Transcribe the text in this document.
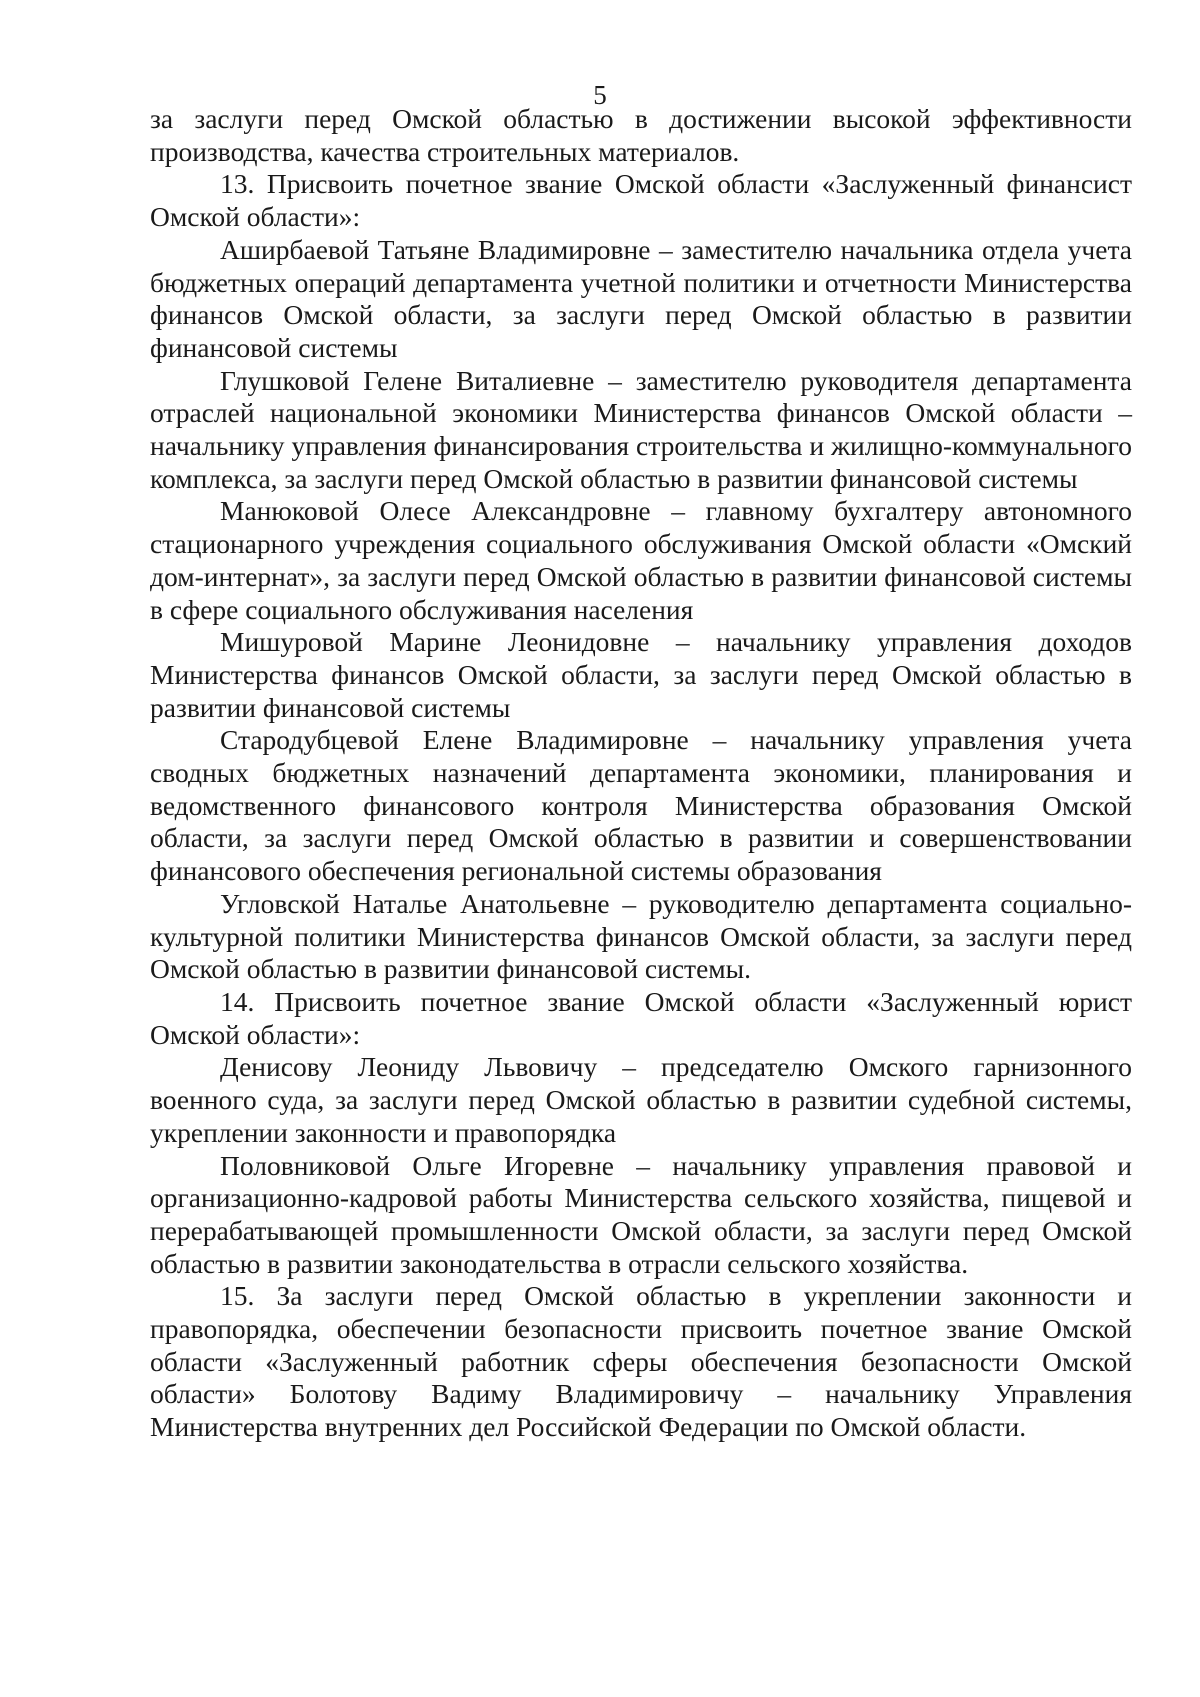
5

за заслуги перед Омской областью в достижении высокой эффективности производства, качества строительных материалов.

13. Присвоить почетное звание Омской области «Заслуженный финансист Омской области»:

Аширбаевой Татьяне Владимировне – заместителю начальника отдела учета бюджетных операций департамента учетной политики и отчетности Министерства финансов Омской области, за заслуги перед Омской областью в развитии финансовой системы

Глушковой Гелене Виталиевне – заместителю руководителя департамента отраслей национальной экономики Министерства финансов Омской области – начальнику управления финансирования строительства и жилищно-коммунального комплекса, за заслуги перед Омской областью в развитии финансовой системы

Манюковой Олесе Александровне – главному бухгалтеру автономного стационарного учреждения социального обслуживания Омской области «Омский дом-интернат», за заслуги перед Омской областью в развитии финансовой системы в сфере социального обслуживания населения

Мишуровой Марине Леонидовне – начальнику управления доходов Министерства финансов Омской области, за заслуги перед Омской областью в развитии финансовой системы

Стародубцевой Елене Владимировне – начальнику управления учета сводных бюджетных назначений департамента экономики, планирования и ведомственного финансового контроля Министерства образования Омской области, за заслуги перед Омской областью в развитии и совершенствовании финансового обеспечения региональной системы образования

Угловской Наталье Анатольевне – руководителю департамента социально-культурной политики Министерства финансов Омской области, за заслуги перед Омской областью в развитии финансовой системы.

14. Присвоить почетное звание Омской области «Заслуженный юрист Омской области»:

Денисову Леониду Львовичу – председателю Омского гарнизонного военного суда, за заслуги перед Омской областью в развитии судебной системы, укреплении законности и правопорядка

Половниковой Ольге Игоревне – начальнику управления правовой и организационно-кадровой работы Министерства сельского хозяйства, пищевой и перерабатывающей промышленности Омской области, за заслуги перед Омской областью в развитии законодательства в отрасли сельского хозяйства.

15. За заслуги перед Омской областью в укреплении законности и правопорядка, обеспечении безопасности присвоить почетное звание Омской области «Заслуженный работник сферы обеспечения безопасности Омской области» Болотову Вадиму Владимировичу – начальнику Управления Министерства внутренних дел Российской Федерации по Омской области.
